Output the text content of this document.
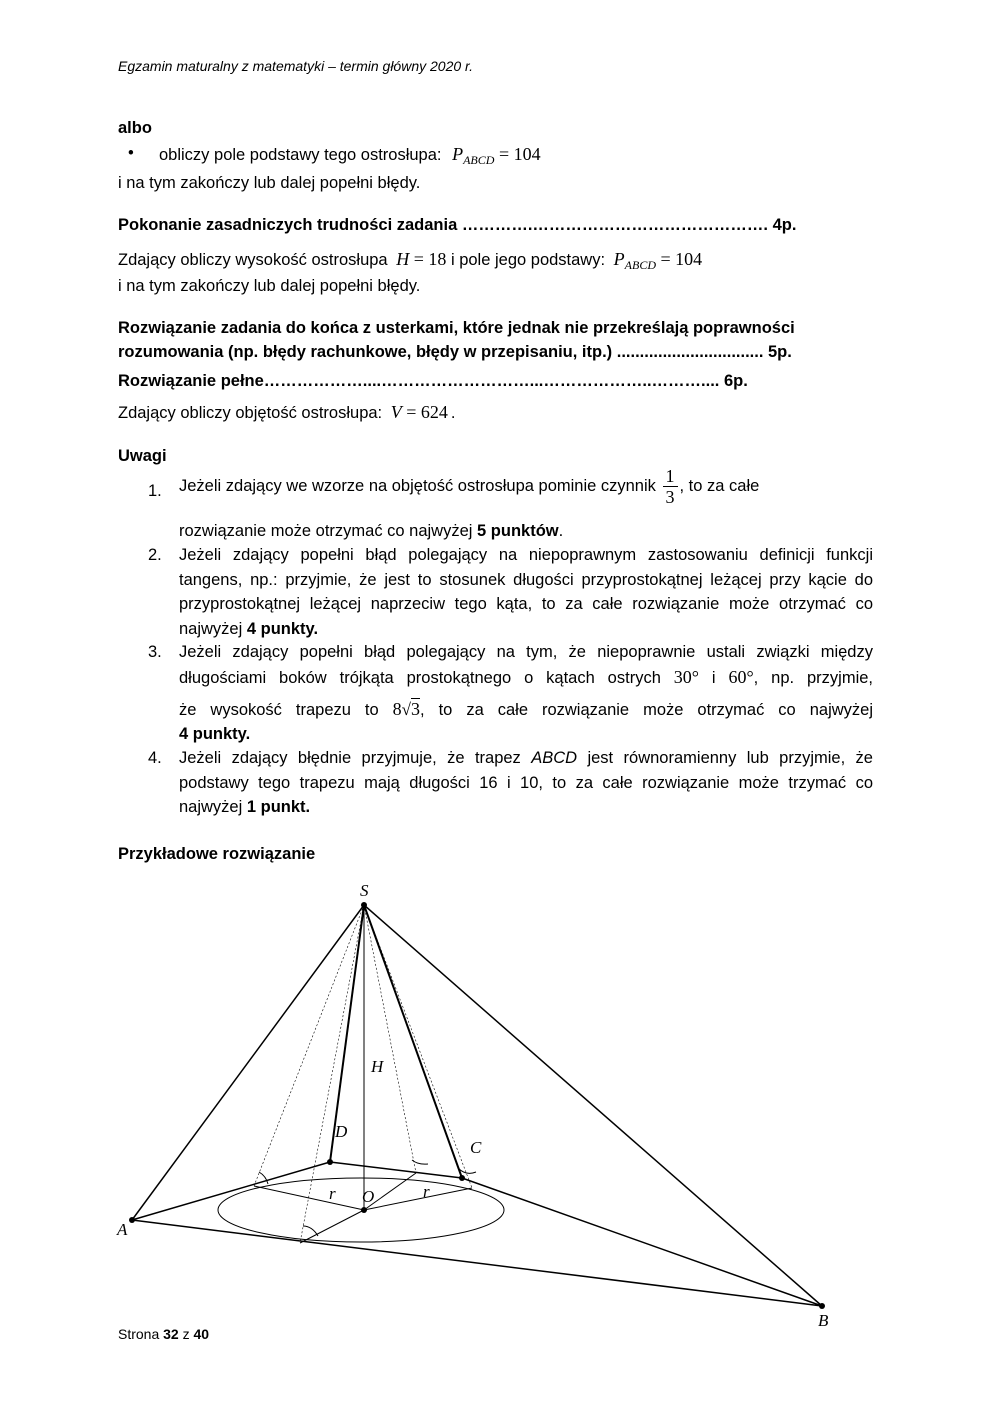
Egzamin maturalny z matematyki – termin główny 2020 r.
albo
• obliczy pole podstawy tego ostrosłupa: $P_{ABCD} = 104$
i na tym zakończy lub dalej popełni błędy.
Pokonanie zasadniczych trudności zadania ………….……………………………………. 4p.
Zdający obliczy wysokość ostrosłupa H = 18 i pole jego podstawy: $P_{ABCD} = 104$
i na tym zakończy lub dalej popełni błędy.
Rozwiązanie zadania do końca z usterkami, które jednak nie przekreślają poprawności
rozumowania (np. błędy rachunkowe, błędy w przepisaniu, itp.) ................................ 5p.
Rozwiązanie pełne………………....………………………...………………..……….... 6p.
Zdający obliczy objętość ostrosłupa: V = 624 .
Uwagi
1. Jeżeli zdający we wzorze na objętość ostrosłupa pominie czynnik $\frac{1}{3}$ , to za całe
rozwiązanie może otrzymać co najwyżej 5 punktów.
2. Jeżeli zdający popełni błąd polegający na niepoprawnym zastosowaniu definicji funkcji tangens, np.: przyjmie, że jest to stosunek długości przyprostokątnej leżącej przy kącie do przyprostokątnej leżącej naprzeciw tego kąta, to za całe rozwiązanie może otrzymać co najwyżej 4 punkty.
3. Jeżeli zdający popełni błąd polegający na tym, że niepoprawnie ustali związki między
długościami boków trójkąta prostokątnego o kątach ostrych 30° i 60°, np. przyjmie,
że wysokość trapezu to 8√3, to za całe rozwiązanie może otrzymać co najwyżej
4 punkty.
4. Jeżeli zdający błędnie przyjmuje, że trapez ABCD jest równoramienny lub przyjmie, że podstawy tego trapezu mają długości 16 i 10, to za całe rozwiązanie może trzymać co najwyżej 1 punkt.
Przykładowe rozwiązanie
S
H
D
C
A
B
O
r	r
Strona 32 z 40
